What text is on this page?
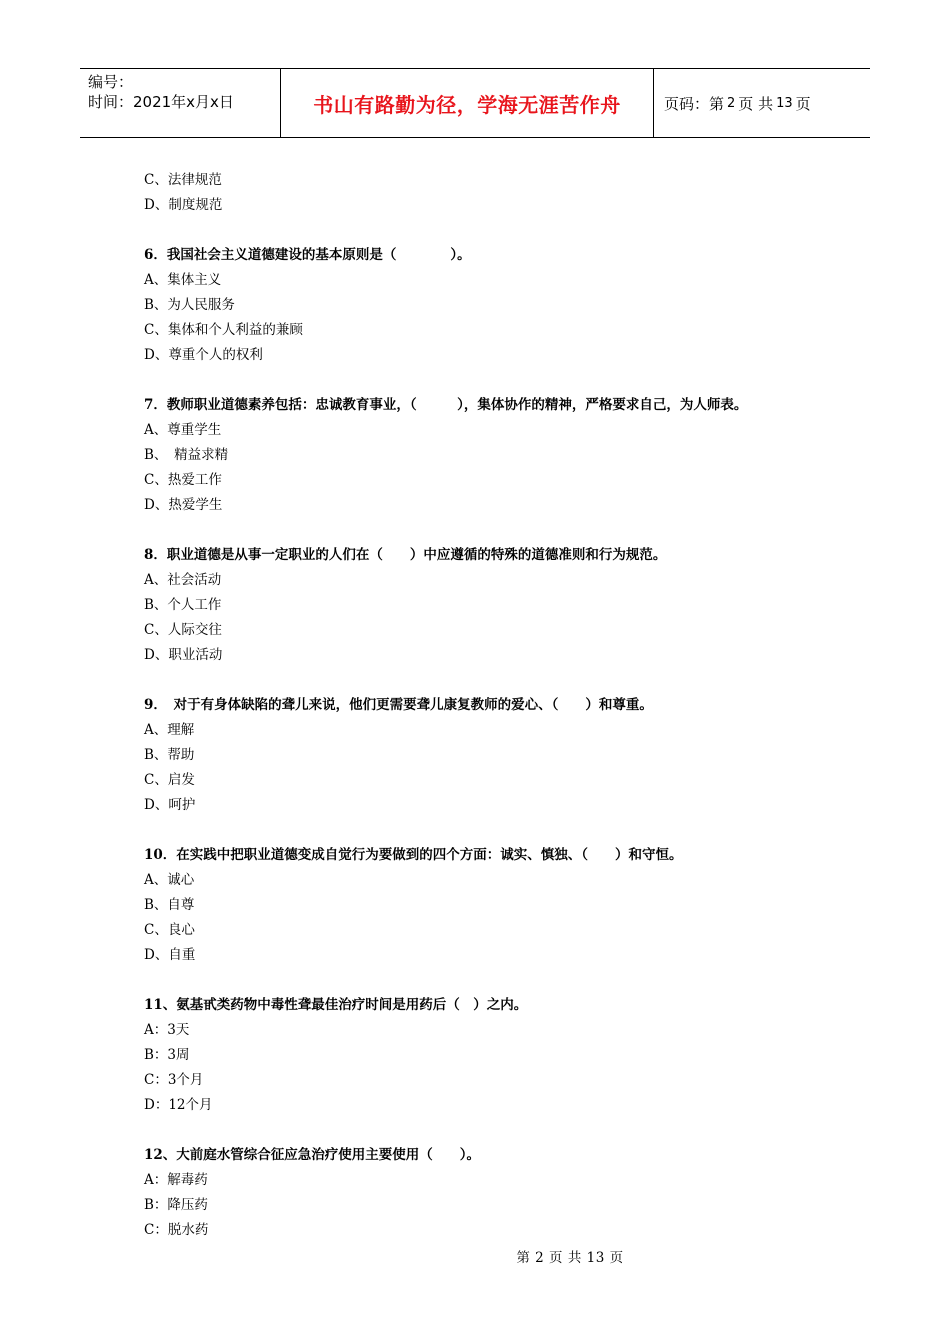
编号：
时间：2021年x月x日	书山有路勤为径，学海无涯苦作舟	页码：第 2 页 共 13 页
C、法律规范
D、制度规范
6．我国社会主义道德建设的基本原则是（　　　　）。
A、集体主义
B、为人民服务
C、集体和个人利益的兼顾
D、尊重个人的权利
7．教师职业道德素养包括：忠诚教育事业，（　　　），集体协作的精神，严格要求自己，为人师表。
A、尊重学生
B、　精益求精
C、热爱工作
D、热爱学生
8．职业道德是从事一定职业的人们在（　　）中应遵循的特殊的道德准则和行为规范。
A、社会活动
B、个人工作
C、人际交往
D、职业活动
9．　对于有身体缺陷的聋儿来说，他们更需要聋儿康复教师的爱心、（　　）和尊重。
A、理解
B、帮助
C、启发
D、呵护
10．在实践中把职业道德变成自觉行为要做到的四个方面：诚实、慎独、（　　）和守恒。
A、诚心
B、自尊
C、良心
D、自重
11、氨基甙类药物中毒性聋最佳治疗时间是用药后（　）之内。
A：3天
B：3周
C：3个月
D：12个月
12、大前庭水管综合征应急治疗使用主要使用（　　）。
A：解毒药
B：降压药
C：脱水药
第 2 页 共 13 页
